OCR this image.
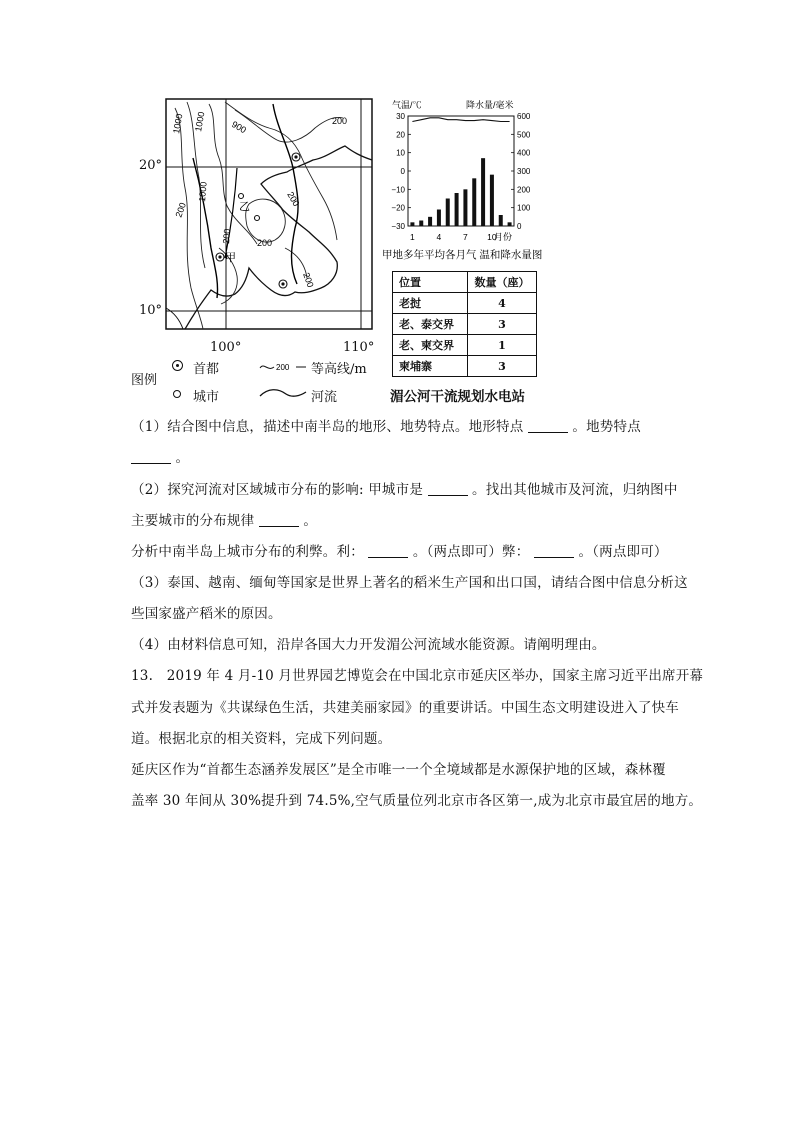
1000 1000	900	200
1000
200
200
200
200
200
甲
乙
20°
10°
100°	110°
图例
首都
城市
200 等高线/m
河流
气温/℃	降水量/毫米
30
20
10
0
−10
−20
−30
600
500
400
300
200
100
0
1	4	7 10
月份
甲地多年平均各月气 温和降水量图
位置	数量（座）
老挝	4
老、泰交界	3
老、柬交界	1
柬埔寨	3
湄公河干流规划水电站
（1）结合图中信息，描述中南半岛的地形、地势特点。地形特点	。地势特点
。
（2）探究河流对区域城市分布的影响: 甲城市是	。找出其他城市及河流，归纳图中
主要城市的分布规律	。
分析中南半岛上城市分布的利弊。利：	。（两点即可）弊：	。（两点即可）
（3）泰国、越南、缅甸等国家是世界上著名的稻米生产国和出口国，请结合图中信息分析这
些国家盛产稻米的原因。
（4）由材料信息可知，沿岸各国大力开发湄公河流域水能资源。请阐明理由。
13.　2019 年 4 月-10 月世界园艺博览会在中国北京市延庆区举办，国家主席习近平出席开幕
式并发表题为《共谋绿色生活，共建美丽家园》的重要讲话。中国生态文明建设进入了快车
道。根据北京的相关资料，完成下列问题。
延庆区作为“首都生态涵养发展区”是全市唯一一个全境域都是水源保护地的区域，森林覆
盖率 30 年间从 30%提升到 74.5%,空气质量位列北京市各区第一,成为北京市最宜居的地方。
